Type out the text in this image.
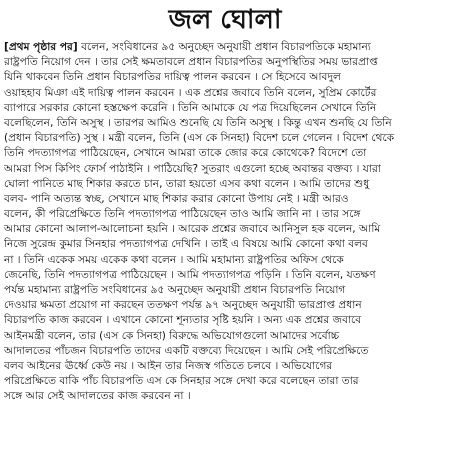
জল ঘোলা
[প্রথম পৃষ্ঠার পর] বলেন, সংবিধানের ৯৫ অনুচ্ছেদ অনুযায়ী প্রধান বিচারপতিকে মহামান্য
রাষ্ট্রপতি নিয়োগ দেন । তার সেই ক্ষমতাবলে প্রধান বিচারপতির অনুপস্থিতির সময় ভারপ্রাপ্ত
যিনি থাকবেন তিনি প্রধান বিচারপতির দায়িত্ব পালন করবেন । সে হিসেবে আবদুল
ওয়াহহাব মিঞা এই দায়িত্ব পালন করবেন । এক প্রশ্নের জবাবে তিনি বলেন, সুপ্রিম কোর্টের
ব্যাপারে সরকার কোনো হস্তক্ষেপ করেনি । তিনি আমাকে যে পত্র দিয়েছিলেন সেখানে তিনি
বলেছিলেন, তিনি অসুস্থ । তারপর আমিও শুনেছি যে তিনি অসুস্থ । কিন্তু এখন শুনছি যে তিনি
(প্রধান বিচারপতি) সুস্থ । মন্ত্রী বলেন, তিনি (এস কে সিনহা) বিদেশ চলে গেলেন । বিদেশ থেকে
তিনি পদত্যাগপত্র পাঠিয়েছেন, সেখানে আমরা তাকে জোর করে কোথেকে? বিদেশে তো
আমরা পিস কিপিং ফোর্স পাঠাইনি । পাঠিয়েছি? সুতরাং এগুলো হচ্ছে অবান্তর বক্তব্য । যারা
ঘোলা পানিতে মাছ শিকার করতে চান, তারা হয়তো এসব কথা বলেন । আমি তাদের শুধু
বলব- পানি অত্যন্ত স্বচ্ছ, সেখানে মাছ শিকার করার কোনো উপায় নেই । মন্ত্রী আরও
বলেন, কী পরিপ্রেক্ষিতে তিনি পদত্যাগপত্র পাঠিয়েছেন তাও আমি জানি না । তার সঙ্গে
আমার কোনো আলাপ-আলোচনা হয়নি । আরেক প্রশ্নের জবাবে আনিসুল হক বলেন, আমি
নিজে সুরেন্দ্র কুমার সিনহার পদত্যাগপত্র দেখিনি । তাই এ বিষয়ে আমি কোনো কথা বলব
না । তিনি একেক সময় একেক কথা বলেন । আমি মহামান্য রাষ্ট্রপতির অফিস থেকে
জেনেছি, তিনি পদত্যাগপত্র পাঠিয়েছেন । আমি পদত্যাগপত্র পড়িনি । তিনি বলেন, যতক্ষণ
পর্যন্ত মহামান্য রাষ্ট্রপতি সংবিধানের ৯৫ অনুচ্ছেদ অনুযায়ী প্রধান বিচারপতি নিয়োগ
দেওয়ার ক্ষমতা প্রয়োগ না করছেন ততক্ষণ পর্যন্ত ৯৭ অনুচ্ছেদ অনুযায়ী ভারপ্রাপ্ত প্রধান
বিচারপতি কাজ করবেন । এখানে কোনো শূন্যতার সৃষ্টি হয়নি । অন্য এক প্রশ্নের জবাবে
আইনমন্ত্রী বলেন, তার (এস কে সিনহা) বিরুদ্ধে অভিযোগগুলো আমাদের সর্বোচ্চ
আদালতের পাঁচজন বিচারপতি তাদের একটি বক্তব্যে দিয়েছেন । আমি সেই পরিপ্রেক্ষিতে
বলব আইনের ঊর্ধ্বে কেউ নয় । আইন তার নিজস্ব গতিতে চলবে । অভিযোগের
পরিপ্রেক্ষিতে বাকি পাঁচ বিচারপতি এস কে সিনহার সঙ্গে দেখা করে বলেছেন তারা তার
সঙ্গে আর সেই আদালতের কাজ করবেন না ।
